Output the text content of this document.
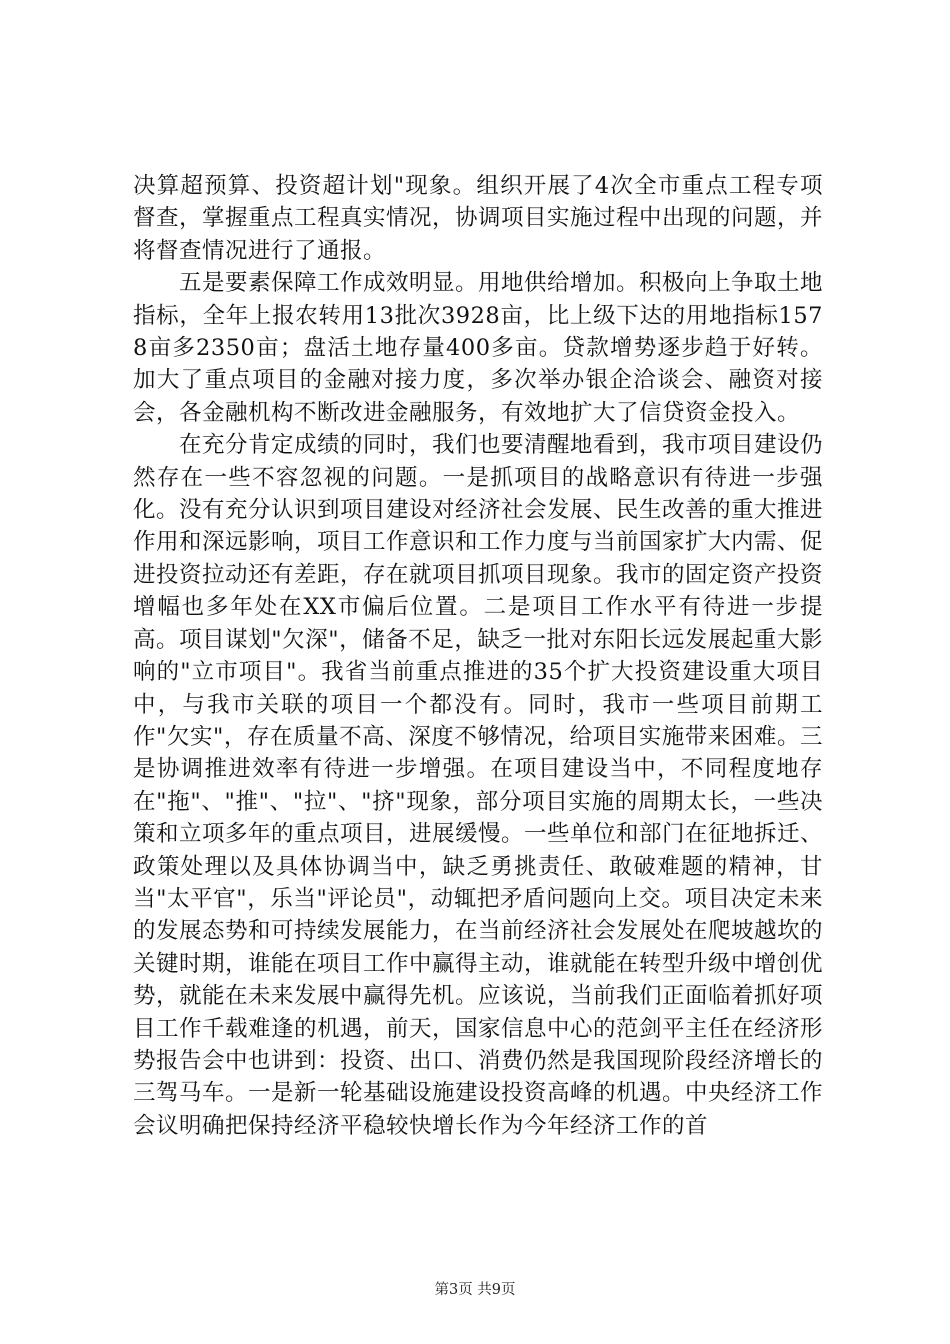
决算超预算、投资超计划"现象。组织开展了4次全市重点工程专项督查，掌握重点工程真实情况，协调项目实施过程中出现的问题，并将督查情况进行了通报。

五是要素保障工作成效明显。用地供给增加。积极向上争取土地指标，全年上报农转用13批次3928亩，比上级下达的用地指标1578亩多2350亩；盘活土地存量400多亩。贷款增势逐步趋于好转。加大了重点项目的金融对接力度，多次举办银企洽谈会、融资对接会，各金融机构不断改进金融服务，有效地扩大了信贷资金投入。

在充分肯定成绩的同时，我们也要清醒地看到，我市项目建设仍然存在一些不容忽视的问题。一是抓项目的战略意识有待进一步强化。没有充分认识到项目建设对经济社会发展、民生改善的重大推进作用和深远影响，项目工作意识和工作力度与当前国家扩大内需、促进投资拉动还有差距，存在就项目抓项目现象。我市的固定资产投资增幅也多年处在XX市偏后位置。二是项目工作水平有待进一步提高。项目谋划"欠深"，储备不足，缺乏一批对东阳长远发展起重大影响的"立市项目"。我省当前重点推进的35个扩大投资建设重大项目中，与我市关联的项目一个都没有。同时，我市一些项目前期工作"欠实"，存在质量不高、深度不够情况，给项目实施带来困难。三是协调推进效率有待进一步增强。在项目建设当中，不同程度地存在"拖"、"推"、"拉"、"挤"现象，部分项目实施的周期太长，一些决策和立项多年的重点项目，进展缓慢。一些单位和部门在征地拆迁、政策处理以及具体协调当中，缺乏勇挑责任、敢破难题的精神，甘当"太平官"，乐当"评论员"，动辄把矛盾问题向上交。项目决定未来的发展态势和可持续发展能力，在当前经济社会发展处在爬坡越坎的关键时期，谁能在项目工作中赢得主动，谁就能在转型升级中增创优势，就能在未来发展中赢得先机。应该说，当前我们正面临着抓好项目工作千载难逢的机遇，前天，国家信息中心的范剑平主任在经济形势报告会中也讲到：投资、出口、消费仍然是我国现阶段经济增长的三驾马车。一是新一轮基础设施建设投资高峰的机遇。中央经济工作会议明确把保持经济平稳较快增长作为今年经济工作的首

第3页 共9页
